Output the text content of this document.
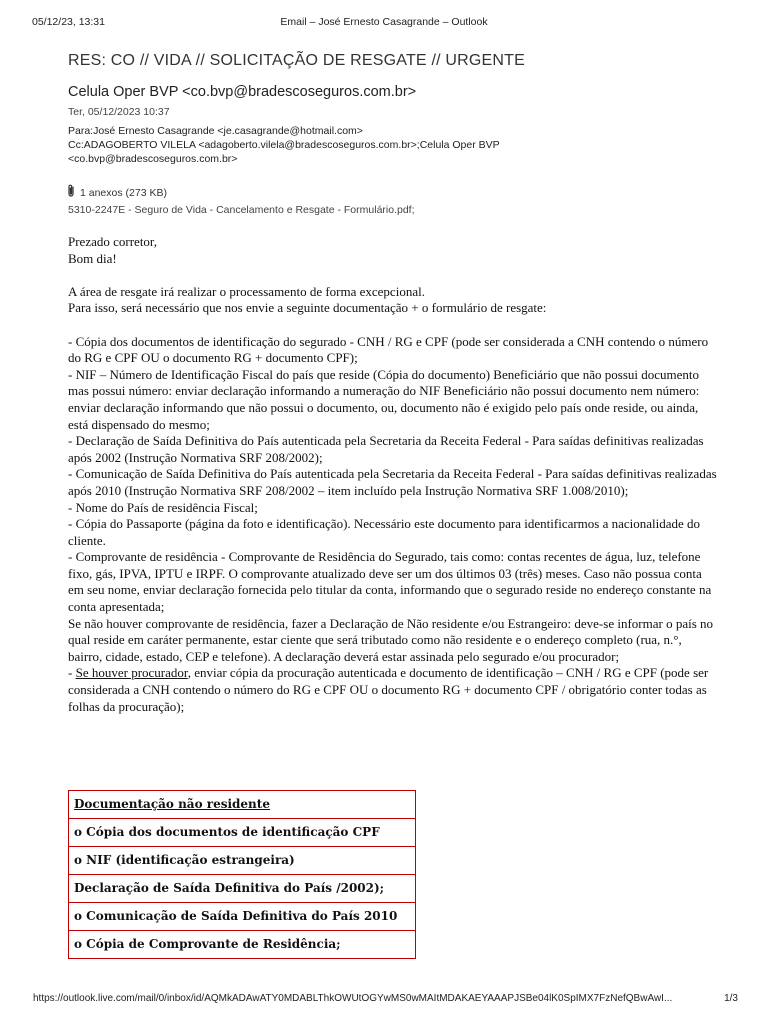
05/12/23, 13:31	Email – José Ernesto Casagrande – Outlook
RES: CO // VIDA // SOLICITAÇÃO DE RESGATE // URGENTE
Celula Oper BVP <co.bvp@bradescoseguros.com.br>
Ter, 05/12/2023 10:37
Para:José Ernesto Casagrande <je.casagrande@hotmail.com>
Cc:ADAGOBERTO VILELA <adagoberto.vilela@bradescoseguros.com.br>;Celula Oper BVP <co.bvp@bradescoseguros.com.br>
1 anexos (273 KB)
5310-2247E - Seguro de Vida - Cancelamento e Resgate - Formulário.pdf;

Prezado corretor,

Bom dia!

A área de resgate irá realizar o processamento de forma excepcional.

Para isso, será necessário que nos envie a seguinte documentação + o formulário de resgate:

- Cópia dos documentos de identificação do segurado - CNH / RG e CPF (pode ser considerada a CNH contendo o número do RG e CPF OU o documento RG + documento CPF);

- NIF – Número de Identificação Fiscal do país que reside (Cópia do documento) Beneficiário que não possui documento mas possui número: enviar declaração informando a numeração do NIF Beneficiário não possui documento nem número: enviar declaração informando que não possui o documento, ou, documento não é exigido pelo país onde reside, ou ainda, está dispensado do mesmo;

- Declaração de Saída Definitiva do País autenticada pela Secretaria da Receita Federal - Para saídas definitivas realizadas após 2002 (Instrução Normativa SRF 208/2002);

- Comunicação de Saída Definitiva do País autenticada pela Secretaria da Receita Federal - Para saídas definitivas realizadas após 2010 (Instrução Normativa SRF 208/2002 – item incluído pela Instrução Normativa SRF 1.008/2010);

- Nome do País de residência Fiscal;

- Cópia do Passaporte (página da foto e identificação). Necessário este documento para identificarmos a nacionalidade do cliente.

- Comprovante de residência - Comprovante de Residência do Segurado, tais como: contas recentes de água, luz, telefone fixo, gás, IPVA, IPTU e IRPF. O comprovante atualizado deve ser um dos últimos 03 (três) meses. Caso não possua conta em seu nome, enviar declaração fornecida pelo titular da conta, informando que o segurado reside no endereço constante na conta apresentada;

Se não houver comprovante de residência, fazer a Declaração de Não residente e/ou Estrangeiro: deve-se informar o país no qual reside em caráter permanente, estar ciente que será tributado como não residente e o endereço completo (rua, n.°, bairro, cidade, estado, CEP e telefone). A declaração deverá estar assinada pelo segurado e/ou procurador;

- Se houver procurador, enviar cópia da procuração autenticada e documento de identificação – CNH / RG e CPF (pode ser considerada a CNH contendo o número do RG e CPF OU o documento RG + documento CPF / obrigatório conter todas as folhas da procuração);

Documentação não residente
o Cópia dos documentos de identificação CPF
o NIF (identificação estrangeira)
Declaração de Saída Definitiva do País /2002);
o Comunicação de Saída Definitiva do País 2010
o Cópia de Comprovante de Residência;
https://outlook.live.com/mail/0/inbox/id/AQMkADAwATY0MDABLThkOWUtOGYwMS0wMAItMDAKAEYAAAPJSBe04lK0SpIMX7FzNefQBwAwI...	1/3
